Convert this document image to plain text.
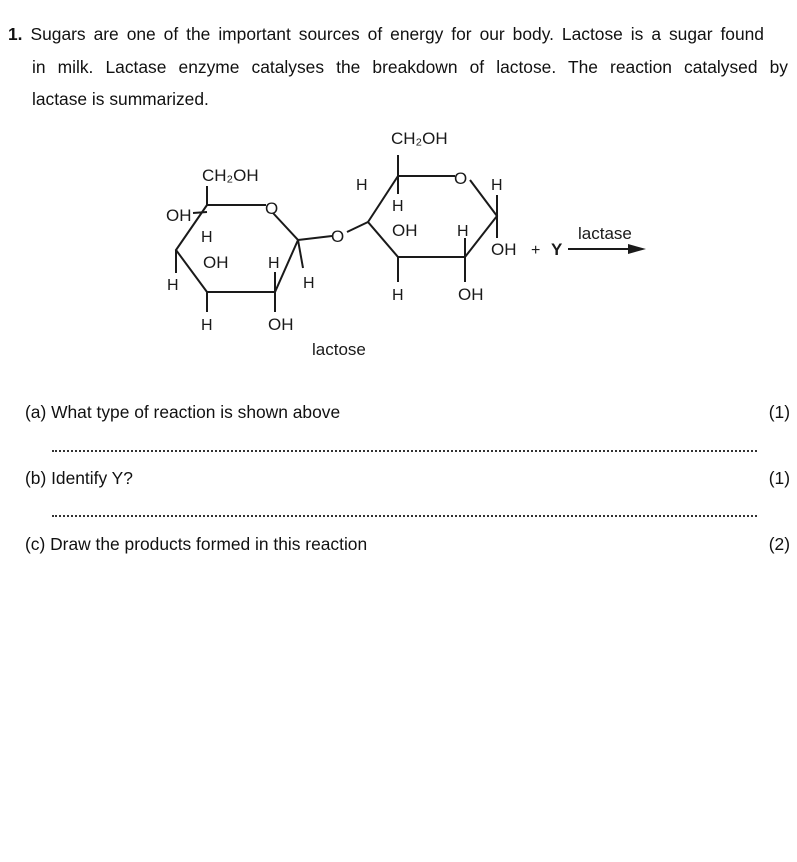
1. Sugars are one of the important sources of energy for our body. Lactose is a sugar found
in milk. Lactase enzyme catalyses the breakdown of lactose. The reaction catalysed by
lactase is summarized.
CH₂OH
O
OH
H
OH H
H	H
H	OH
O
CH₂OH
O
H	H
H
OH H
OH
H	OH
+ Y
lactase
lactose
(a) What type of reaction is shown above	(1)
(b) Identify Y?	(1)
(c) Draw the products formed in this reaction	(2)
